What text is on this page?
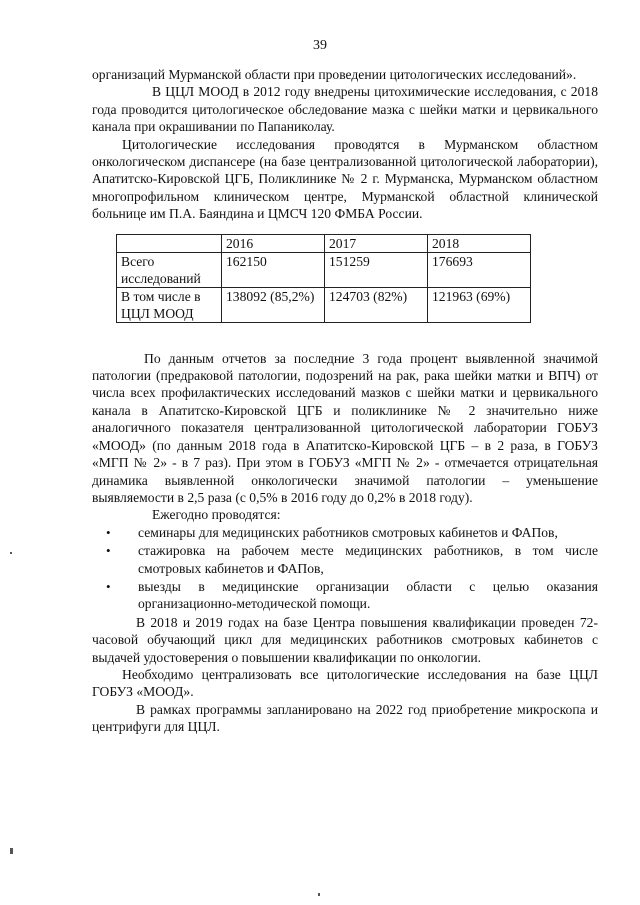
39

организаций Мурманской области при проведении цитологических исследований».

В ЦЦЛ МООД в 2012 году внедрены цитохимические исследования, с 2018 года проводится цитологическое обследование мазка с шейки матки и цервикального канала при окрашивании по Папаниколау.

Цитологические исследования проводятся в Мурманском областном онкологическом диспансере (на базе централизованной цитологической лаборатории), Апатитско-Кировской ЦГБ, Поликлинике № 2 г. Мурманска, Мурманском областном многопрофильном клиническом центре, Мурманской областной клинической больнице им П.А. Баяндина и ЦМСЧ 120 ФМБА России.

	2016	2017	2018
Всего исследований	162150	151259	176693
В том числе в ЦЦЛ МООД	138092 (85,2%)	124703 (82%)	121963 (69%)

По данным отчетов за последние 3 года процент выявленной значимой патологии (предраковой патологии, подозрений на рак, рака шейки матки и ВПЧ) от числа всех профилактических исследований мазков с шейки матки и цервикального канала в Апатитско-Кировской ЦГБ и поликлинике № 2 значительно ниже аналогичного показателя централизованной цитологической лаборатории ГОБУЗ «МООД» (по данным 2018 года в Апатитско-Кировской ЦГБ – в 2 раза, в ГОБУЗ «МГП № 2» - в 7 раз). При этом в ГОБУЗ «МГП № 2» - отмечается отрицательная динамика выявленной онкологически значимой патологии – уменьшение выявляемости в 2,5 раза (с 0,5% в 2016 году до 0,2% в 2018 году).

Ежегодно проводятся:

• семинары для медицинских работников смотровых кабинетов и ФАПов,
• стажировка на рабочем месте медицинских работников, в том числе смотровых кабинетов и ФАПов,
• выезды в медицинские организации области с целью оказания организационно-методической помощи.

В 2018 и 2019 годах на базе Центра повышения квалификации проведен 72-часовой обучающий цикл для медицинских работников смотровых кабинетов с выдачей удостоверения о повышении квалификации по онкологии.

Необходимо централизовать все цитологические исследования на базе ЦЦЛ ГОБУЗ «МООД».

В рамках программы запланировано на 2022 год приобретение микроскопа и центрифуги для ЦЦЛ.
